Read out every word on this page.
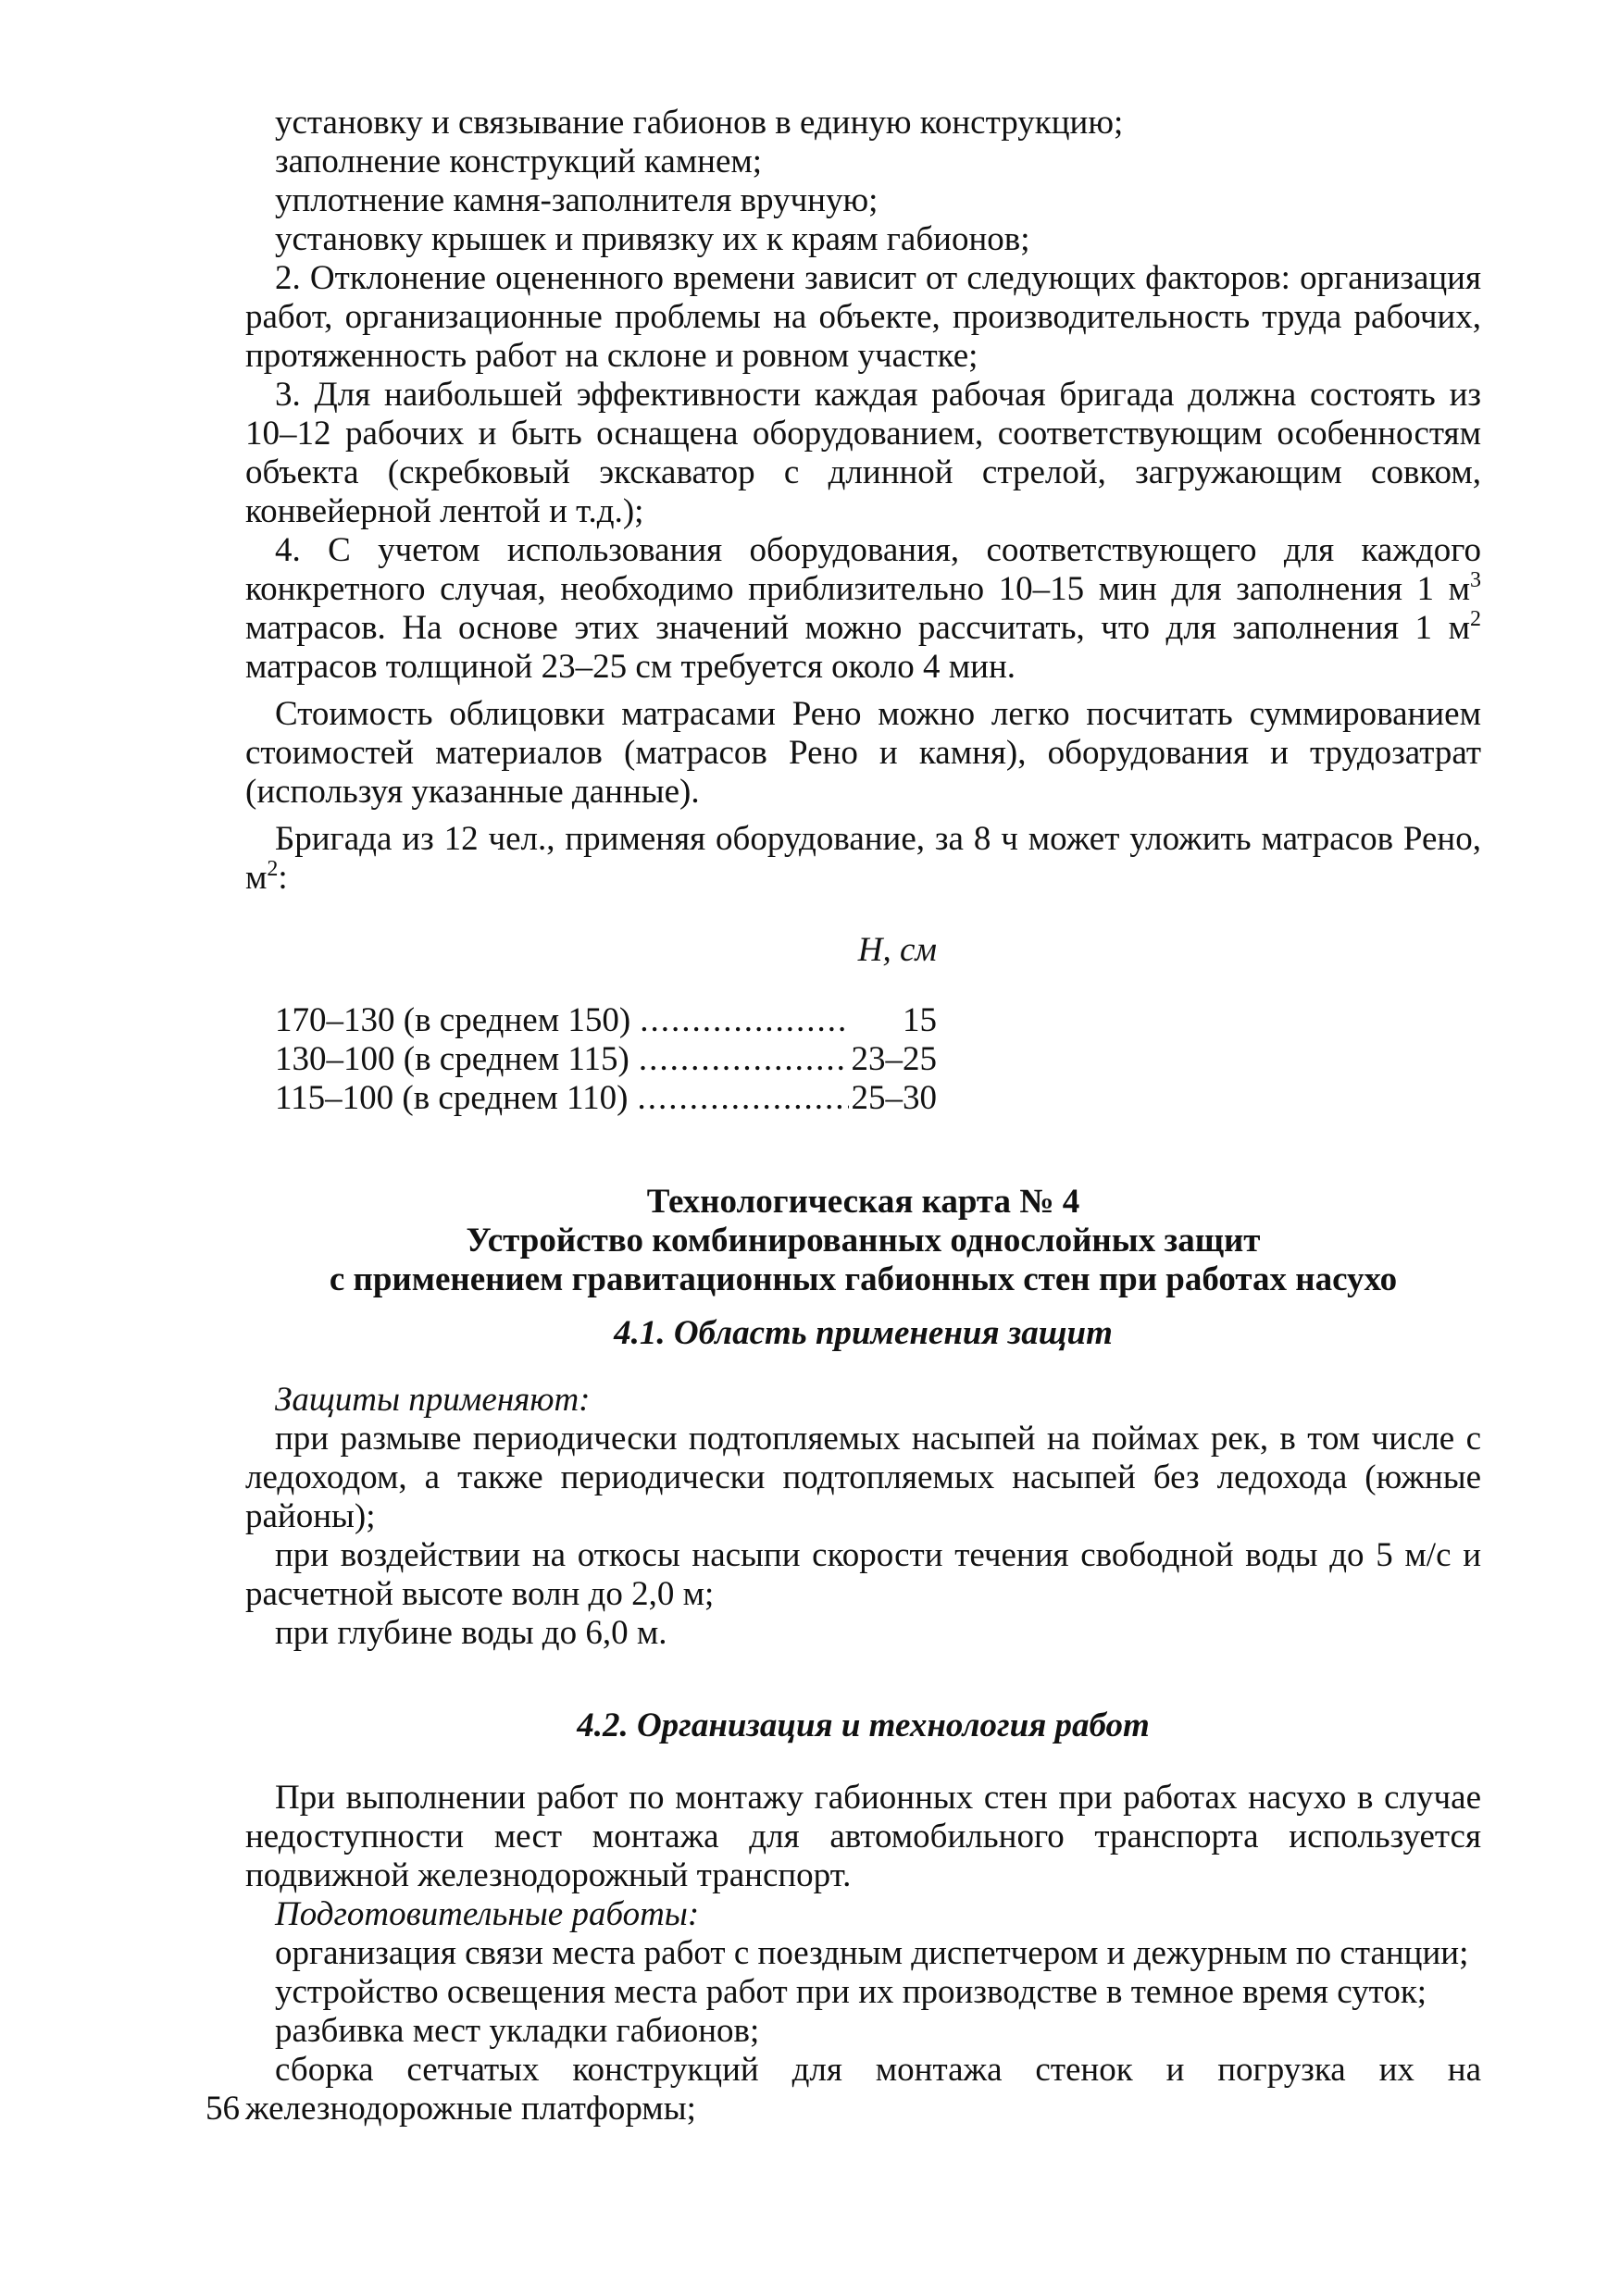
установку и связывание габионов в единую конструкцию;

заполнение конструкций камнем;

уплотнение камня-заполнителя вручную;

установку крышек и привязку их к краям габионов;

2. Отклонение оцененного времени зависит от следующих факторов: организация работ, организационные проблемы на объекте, производительность труда рабочих, протяженность работ на склоне и ровном участке;

3. Для наибольшей эффективности каждая рабочая бригада должна состоять из 10–12 рабочих и быть оснащена оборудованием, соответствующим особенностям объекта (скребковый экскаватор с длинной стрелой, загружающим совком, конвейерной лентой и т.д.);

4. С учетом использования оборудования, соответствующего для каждого конкретного случая, необходимо приблизительно 10–15 мин для заполнения 1 $м^3$ матрасов. На основе этих значений можно рассчитать, что для заполнения 1 $м^2$ матрасов толщиной 23–25 см требуется около 4 мин.

Стоимость облицовки матрасами Рено можно легко посчитать суммированием стоимостей материалов (матрасов Рено и камня), оборудования и трудозатрат (используя указанные данные).

Бригада из 12 чел., применяя оборудование, за 8 ч может уложить матрасов Рено, $м^2$:

Н, см
170–130 (в среднем 150) .....	15
130–100 (в среднем 115) .....	23–25
115–100 (в среднем 110) .....	25–30
Технологическая карта № 4
Устройство комбинированных однослойных защит
с применением гравитационных габионных стен при работах насухо
4.1. Область применения защит

Защиты применяют:

при размыве периодически подтопляемых насыпей на поймах рек, в том числе с ледоходом, а также периодически подтопляемых насыпей без ледохода (южные районы);

при воздействии на откосы насыпи скорости течения свободной воды до 5 м/с и расчетной высоте волн до 2,0 м;

при глубине воды до 6,0 м.

4.2. Организация и технология работ

При выполнении работ по монтажу габионных стен при работах насухо в случае недоступности мест монтажа для автомобильного транспорта используется подвижной железнодорожный транспорт.

Подготовительные работы:

организация связи места работ с поездным диспетчером и дежурным по станции;

устройство освещения места работ при их производстве в темное время суток;

разбивка мест укладки габионов;

сборка сетчатых конструкций для монтажа стенок и погрузка их на железнодорожные платформы;

56
